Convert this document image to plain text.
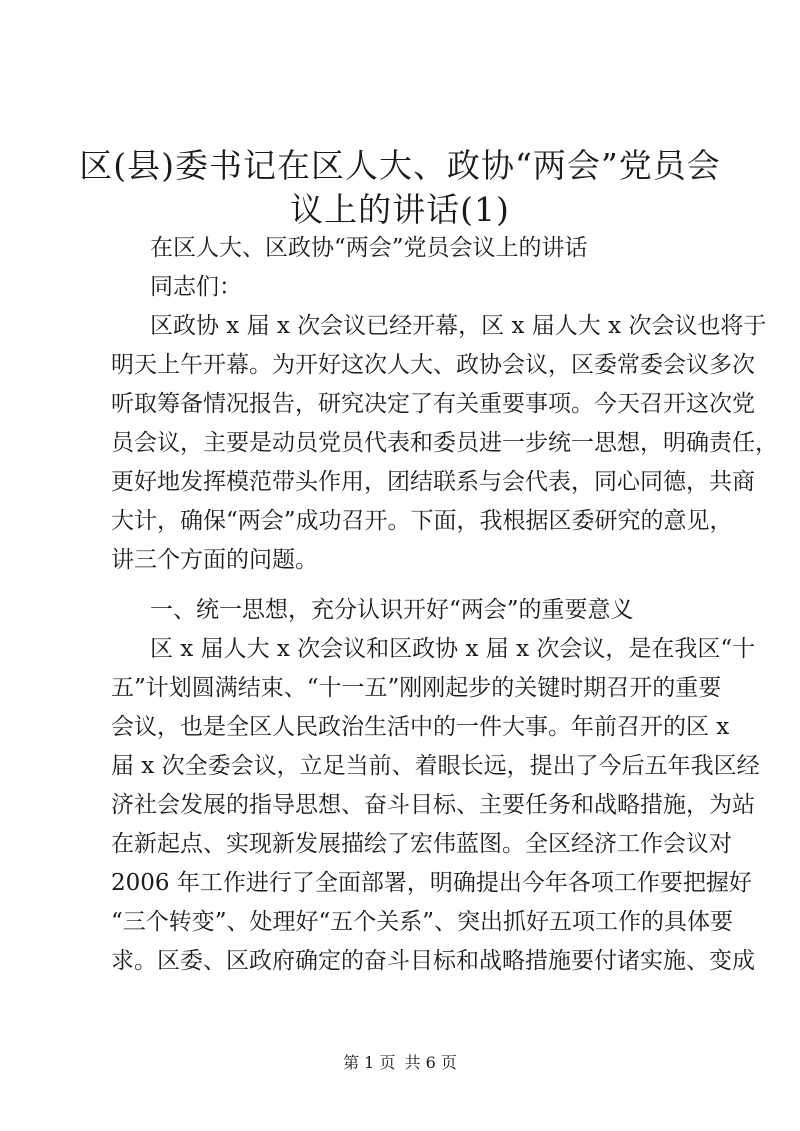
区(县)委书记在区人大、政协“两会”党员会
议上的讲话(1)
在区人大、区政协“两会”党员会议上的讲话
同志们：
区政协 x 届 x 次会议已经开幕，区 x 届人大 x 次会议也将于
明天上午开幕。为开好这次人大、政协会议，区委常委会议多次
听取筹备情况报告，研究决定了有关重要事项。今天召开这次党
员会议，主要是动员党员代表和委员进一步统一思想，明确责任，
更好地发挥模范带头作用，团结联系与会代表，同心同德，共商
大计，确保“两会”成功召开。下面，我根据区委研究的意见，
讲三个方面的问题。
一、统一思想，充分认识开好“两会”的重要意义
区 x 届人大 x 次会议和区政协 x 届 x 次会议，是在我区“十
五”计划圆满结束、“十一五”刚刚起步的关键时期召开的重要
会议，也是全区人民政治生活中的一件大事。年前召开的区 x
届 x 次全委会议，立足当前、着眼长远，提出了今后五年我区经
济社会发展的指导思想、奋斗目标、主要任务和战略措施，为站
在新起点、实现新发展描绘了宏伟蓝图。全区经济工作会议对
2006 年工作进行了全面部署，明确提出今年各项工作要把握好
“三个转变”、处理好“五个关系”、突出抓好五项工作的具体要
求。区委、区政府确定的奋斗目标和战略措施要付诸实施、变成
第 1 页 共 6 页
